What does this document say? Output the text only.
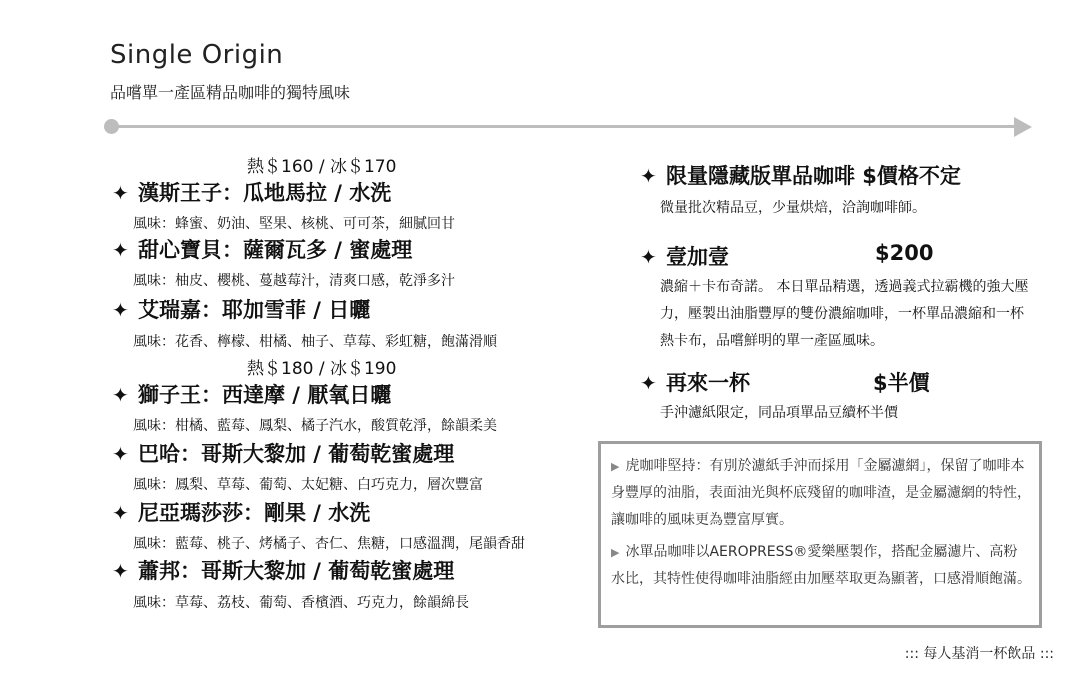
Single Origin
品嚐單一產區精品咖啡的獨特風味
熱＄160 / 冰＄170
✦ 漢斯王子：瓜地馬拉 / 水洗
風味：蜂蜜、奶油、堅果、核桃、可可茶，細膩回甘
✦ 甜心寶貝：薩爾瓦多 / 蜜處理
風味：柚皮、櫻桃、蔓越莓汁，清爽口感，乾淨多汁
✦ 艾瑞嘉：耶加雪菲 / 日曬
風味：花香、檸檬、柑橘、柚子、草莓、彩虹糖，飽滿滑順
熱＄180 / 冰＄190
✦ 獅子王：西達摩 / 厭氧日曬
風味：柑橘、藍莓、鳳梨、橘子汽水，酸質乾淨，餘韻柔美
✦ 巴哈：哥斯大黎加 / 葡萄乾蜜處理
風味：鳳梨、草莓、葡萄、太妃糖、白巧克力，層次豐富
✦ 尼亞瑪莎莎：剛果 / 水洗
風味：藍莓、桃子、烤橘子、杏仁、焦糖，口感溫潤，尾韻香甜
✦ 蕭邦：哥斯大黎加 / 葡萄乾蜜處理
風味：草莓、荔枝、葡萄、香檳酒、巧克力，餘韻綿長
✦ 限量隱藏版單品咖啡 $價格不定
微量批次精品豆，少量烘焙，洽詢咖啡師。
✦ 壹加壹	$200
濃縮＋卡布奇諾。 本日單品精選，透過義式拉霸機的強大壓力，壓製出油脂豐厚的雙份濃縮咖啡，一杯單品濃縮和一杯熱卡布，品嚐鮮明的單一產區風味。
✦ 再來一杯	$半價
手沖濾紙限定，同品項單品豆續杯半價
▶ 虎咖啡堅持：有別於濾紙手沖而採用「金屬濾網」，保留了咖啡本身豐厚的油脂，表面油光與杯底殘留的咖啡渣，是金屬濾網的特性，讓咖啡的風味更為豐富厚實。
▶ 冰單品咖啡以AEROPRESS®愛樂壓製作，搭配金屬濾片、高粉水比，其特性使得咖啡油脂經由加壓萃取更為顯著，口感滑順飽滿。
::: 每人基消一杯飲品 :::
